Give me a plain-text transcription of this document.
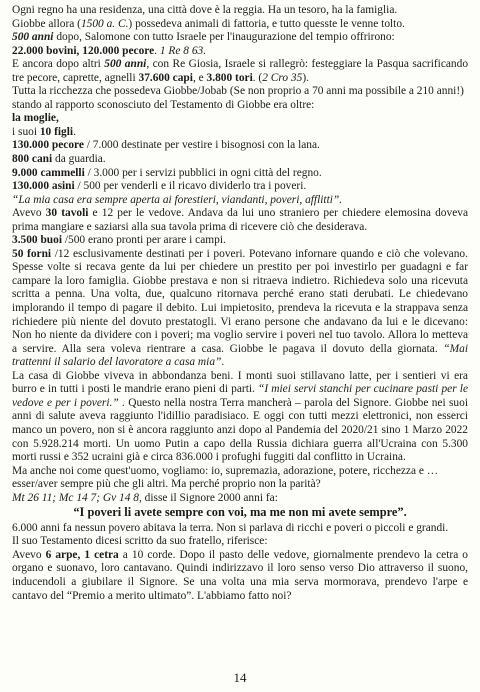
Ogni regno ha una residenza, una città dove è la reggia. Ha un tesoro, ha la famiglia.

Giobbe allora (1500 a. C.) possedeva animali di fattoria, e tutto quesste le venne tolto.

500 anni dopo, Salomone con tutto Israele per l'inaugurazione del tempio offrirono:

22.000 bovini, 120.000 pecore. 1 Re 8 63.

E ancora dopo altri 500 anni, con Re Giosia, Israele si rallegrò: festeggiare la Pasqua sacrificando tre pecore, caprette, agnelli 37.600 capi, e 3.800 tori. (2 Cro 35).

Tutta la ricchezza che possedeva Giobbe/Jobab (Se non proprio a 70 anni ma possibile a 210 anni!) stando al rapporto sconosciuto del Testamento di Giobbe era oltre:

la moglie,

i suoi 10 figli.

130.000 pecore / 7.000 destinate per vestire i bisognosi con la lana.

800 cani da guardia.

9.000 cammelli / 3.000 per i servizi pubblici in ogni città del regno.

130.000 asini / 500 per venderli e il ricavo dividerlo tra i poveri.

“La mia casa era sempre aperta ai forestieri, viandanti, poveri, afflitti”.

Avevo 30 tavoli e 12 per le vedove. Andava da lui uno straniero per chiedere elemosina doveva prima mangiare e saziarsi alla sua tavola prima di ricevere ciò che desiderava.

3.500 buoi /500 erano pronti per arare i campi.

50 forni /12 esclusivamente destinati per i poveri. Potevano infornare quando e ciò che volevano. Spesse volte si recava gente da lui per chiedere un prestito per poi investirlo per guadagni e far campare la loro famiglia. Giobbe prestava e non si ritraeva indietro. Richiedeva solo una ricevuta scritta a penna. Una volta, due, qualcuno ritornava perché erano stati derubati. Le chiedevano implorando il tempo di pagare il debito. Lui impietosito, prendeva la ricevuta e la strappava senza richiedere più niente del dovuto prestatogli. Vi erano persone che andavano da lui e le dicevano: Non ho niente da dividere con i poveri; ma voglio servire i poveri nel tuo tavolo. Allora lo metteva a servire. Alla sera voleva rientrare a casa. Giobbe le pagava il dovuto della giornata. “Mai trattenni il salario del lavoratore a casa mia”.

La casa di Giobbe viveva in abbondanza beni. I monti suoi stillavano latte, per i sentieri vi era burro e in tutti i posti le mandrie erano pieni di parti. “I miei servi stanchi per cucinare pasti per le vedove e per i poveri.” . Questo nella nostra Terra mancherà – parola del Signore. Giobbe nei suoi anni di salute aveva raggiunto l'idillio paradisiaco. E oggi con tutti mezzi elettronici, non esserci manco un povero, non si è ancora raggiunto anzi dopo al Pandemia del 2020/21 sino 1 Marzo 2022 con 5.928.214 morti. Un uomo Putin a capo della Russia dichiara guerra all'Ucraina con 5.300 morti russi e 352 ucraini già e circa 836.000 i profughi fuggiti dal conflitto in Ucraina.

Ma anche noi come quest'uomo, vogliamo: io, supremazia, adorazione, potere, ricchezza e … esser/aver sempre più che gli altri. Ma perché proprio non la parità?

Mt 26 11; Mc 14 7; Gv 14 8, disse il Signore 2000 anni fa:

“I poveri li avete sempre con voi, ma me non mi avete sempre”.

6.000 anni fa nessun povero abitava la terra. Non si parlava di ricchi e poveri o piccoli e grandi.

Il suo Testamento dicesi scritto da suo fratello, riferisce:

Avevo 6 arpe, 1 cetra a 10 corde. Dopo il pasto delle vedove, giornalmente prendevo la cetra o organo e suonavo, loro cantavano. Quindi indirizzavo il loro senso verso Dio attraverso il suono, inducendoli a giubilare il Signore. Se una volta una mia serva mormorava, prendevo l'arpe e cantavo del “Premio a merito ultimato”. L'abbiamo fatto noi?

14
